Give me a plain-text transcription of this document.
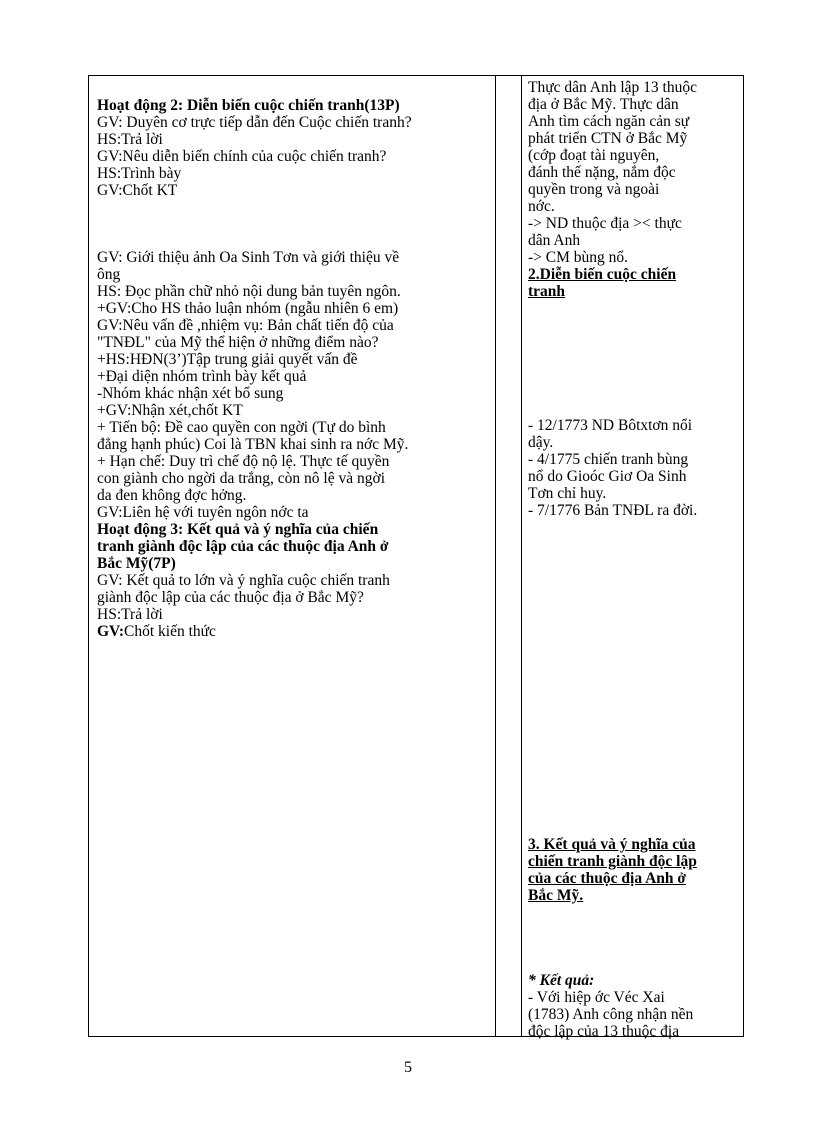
Hoạt động 2: Diễn biến cuộc chiến tranh(13P)
GV: Duyên cơ trực tiếp dẫn đến Cuộc chiến tranh?
HS:Trả lời
GV:Nêu diễn biến chính của cuộc chiến tranh?
HS:Trình bày
GV:Chốt KT
GV: Giới thiệu ảnh Oa Sinh Tơn và giới thiệu về
ông
HS: Đọc phần chữ nhỏ nội dung bản tuyên ngôn.
+GV:Cho HS thảo luận nhóm (ngẫu nhiên 6 em)
GV:Nêu vấn đề ,nhiệm vụ: Bản chất tiến độ của
"TNĐL" của Mỹ thể hiện ở những điểm nào?
+HS:HĐN(3’)Tập trung giải quyết vấn đề
+Đại diện nhóm trình bày kết quả
-Nhóm khác nhận xét bổ sung
+GV:Nhận xét,chốt KT
+ Tiến bộ: Đề cao quyền con ngời (Tự do bình
đẳng hạnh phúc) Coi là TBN khai sinh ra nớc Mỹ.
+ Hạn chế: Duy trì chế độ nộ lệ. Thực tế quyền
con giành cho ngời da trắng, còn nô lệ và ngời
da đen không đợc hởng.
GV:Liên hệ với tuyên ngôn nớc ta
Hoạt động 3: Kết quả và ý nghĩa của chiến
tranh giành độc lập của các thuộc địa Anh ở
Bắc Mỹ(7P)
GV: Kết quả to lớn và ý nghĩa cuộc chiến tranh
giành độc lập của các thuộc địa ở Bắc Mỹ?
HS:Trả lời
GV:Chốt kiến thức
Thực dân Anh lập 13 thuộc
địa ở Bắc Mỹ. Thực dân
Anh tìm cách ngăn cản sự
phát triển CTN ở Bắc Mỹ
(cớp đoạt tài nguyên,
đánh thế nặng, nắm độc
quyền trong và ngoài
nớc.
-> ND thuộc địa >< thực
dân Anh
-> CM bùng nổ.
2.Diễn biến cuộc chiến
tranh
- 12/1773 ND Bôtxtơn nổi
dậy.
- 4/1775 chiến tranh bùng
nổ do Gioóc Giơ Oa Sinh
Tơn chỉ huy.
- 7/1776 Bản TNĐL ra đời.
3. Kết quả và ý nghĩa của
chiến tranh giành độc lập
của các thuộc địa Anh ở
Bắc Mỹ.
* Kết quả:
- Với hiệp ớc Véc Xai
(1783) Anh công nhận nền
độc lập của 13 thuộc địa
5
